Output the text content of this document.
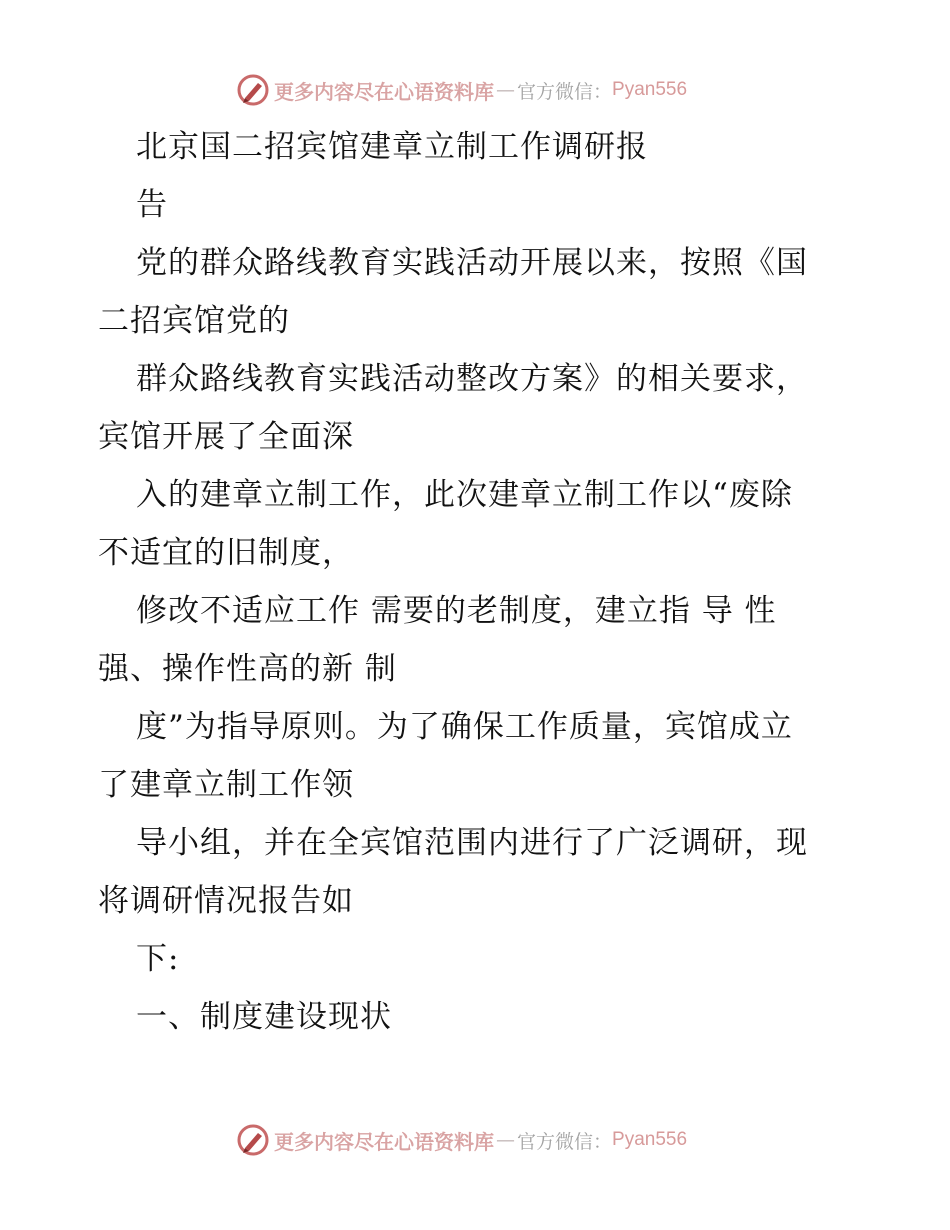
更多内容尽在心语资料库 — 官方微信： Pyan556
北京国二招宾馆建章立制工作调研报
告
党的群众路线教育实践活动开展以来，按照《国
二招宾馆党的
群众路线教育实践活动整改方案》的相关要求，
宾馆开展了全面深
入的建章立制工作，此次建章立制工作以“废除
不适宜的旧制度，
修改不适应工作 需要的老制度，建立指 导 性
强、操作性高的新 制
度”为指导原则。为了确保工作质量，宾馆成立
了建章立制工作领
导小组，并在全宾馆范围内进行了广泛调研，现
将调研情况报告如
下:
一、制度建设现状
更多内容尽在心语资料库 — 官方微信： Pyan556
